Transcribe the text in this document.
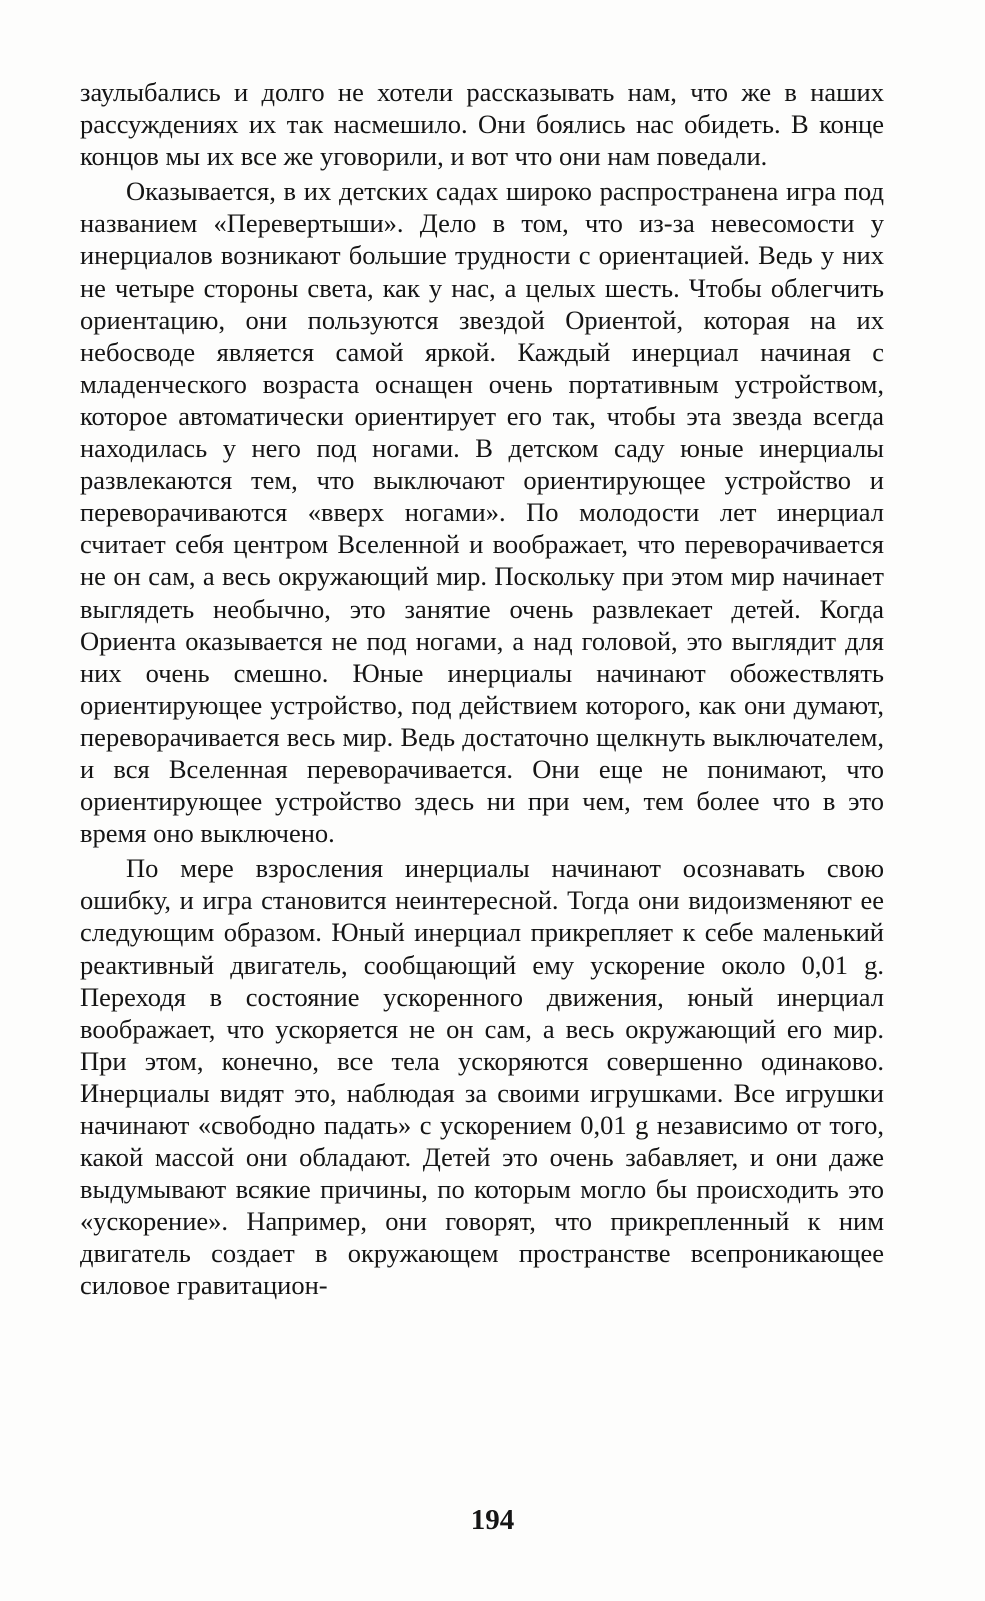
заулыбались и долго не хотели рассказывать нам, что же в наших рассуждениях их так насмешило. Они боялись нас обидеть. В конце концов мы их все же уговорили, и вот что они нам поведали.

Оказывается, в их детских садах широко распространена игра под названием «Перевертыши». Дело в том, что из-за невесомости у инерциалов возникают большие трудности с ориентацией. Ведь у них не четыре стороны света, как у нас, а целых шесть. Чтобы облегчить ориентацию, они пользуются звездой Ориентой, которая на их небосводе является самой яркой. Каждый инерциал начиная с младенческого возраста оснащен очень портативным устройством, которое автоматически ориентирует его так, чтобы эта звезда всегда находилась у него под ногами. В детском саду юные инерциалы развлекаются тем, что выключают ориентирующее устройство и переворачиваются «вверх ногами». По молодости лет инерциал считает себя центром Вселенной и воображает, что переворачивается не он сам, а весь окружающий мир. Поскольку при этом мир начинает выглядеть необычно, это занятие очень развлекает детей. Когда Ориента оказывается не под ногами, а над головой, это выглядит для них очень смешно. Юные инерциалы начинают обожествлять ориентирующее устройство, под действием которого, как они думают, переворачивается весь мир. Ведь достаточно щелкнуть выключателем, и вся Вселенная переворачивается. Они еще не понимают, что ориентирующее устройство здесь ни при чем, тем более что в это время оно выключено.

По мере взросления инерциалы начинают осознавать свою ошибку, и игра становится неинтересной. Тогда они видоизменяют ее следующим образом. Юный инерциал прикрепляет к себе маленький реактивный двигатель, сообщающий ему ускорение около 0,01 g. Переходя в состояние ускоренного движения, юный инерциал воображает, что ускоряется не он сам, а весь окружающий его мир. При этом, конечно, все тела ускоряются совершенно одинаково. Инерциалы видят это, наблюдая за своими игрушками. Все игрушки начинают «свободно падать» с ускорением 0,01 g независимо от того, какой массой они обладают. Детей это очень забавляет, и они даже выдумывают всякие причины, по которым могло бы происходить это «ускорение». Например, они говорят, что прикрепленный к ним двигатель создает в окружающем пространстве всепроникающее силовое гравитацион-

194
